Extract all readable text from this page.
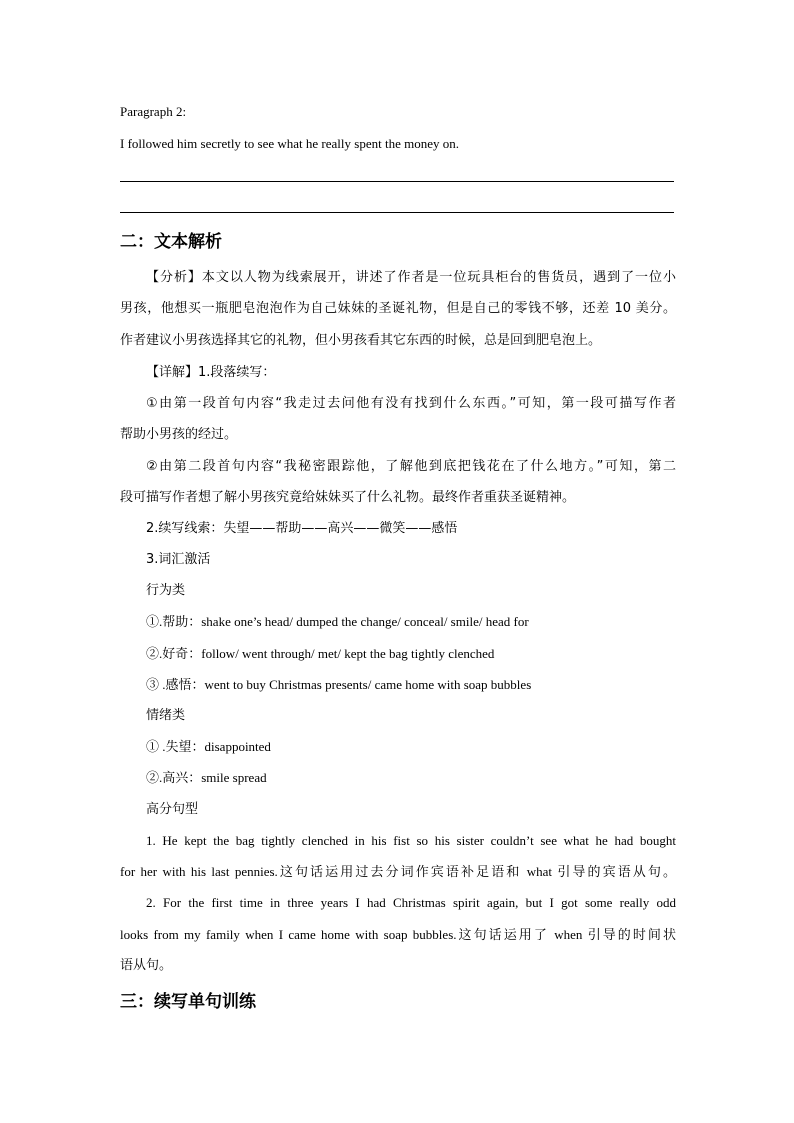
Paragraph 2:
I followed him secretly to see what he really spent the money on.
二：文本解析
【分析】本文以人物为线索展开，讲述了作者是一位玩具柜台的售货员，遇到了一位小
男孩，他想买一瓶肥皂泡泡作为自己妹妹的圣诞礼物，但是自己的零钱不够，还差 10 美分。
作者建议小男孩选择其它的礼物，但小男孩看其它东西的时候，总是回到肥皂泡上。
【详解】1.段落续写：
①由第一段首句内容“我走过去问他有没有找到什么东西。”可知，第一段可描写作者
帮助小男孩的经过。
②由第二段首句内容“我秘密跟踪他，了解他到底把钱花在了什么地方。”可知，第二
段可描写作者想了解小男孩究竟给妹妹买了什么礼物。最终作者重获圣诞精神。
2.续写线索：失望——帮助——高兴——微笑——感悟
3.词汇激活
行为类
①.帮助：shake one’s head/ dumped the change/ conceal/ smile/ head for
②.好奇：follow/ went through/ met/ kept the bag tightly clenched
③ .感悟：went to buy Christmas presents/ came home with soap bubbles
情绪类
① .失望：disappointed
②.高兴：smile spread
高分句型
1. He kept the bag tightly clenched in his fist so his sister couldn’t see what he had bought
for her with his last pennies.这句话运用过去分词作宾语补足语和 what 引导的宾语从句。
2. For the first time in three years I had Christmas spirit again, but I got some really odd
looks from my family when I came home with soap bubbles.这句话运用了 when 引导的时间状
语从句。
三：续写单句训练
